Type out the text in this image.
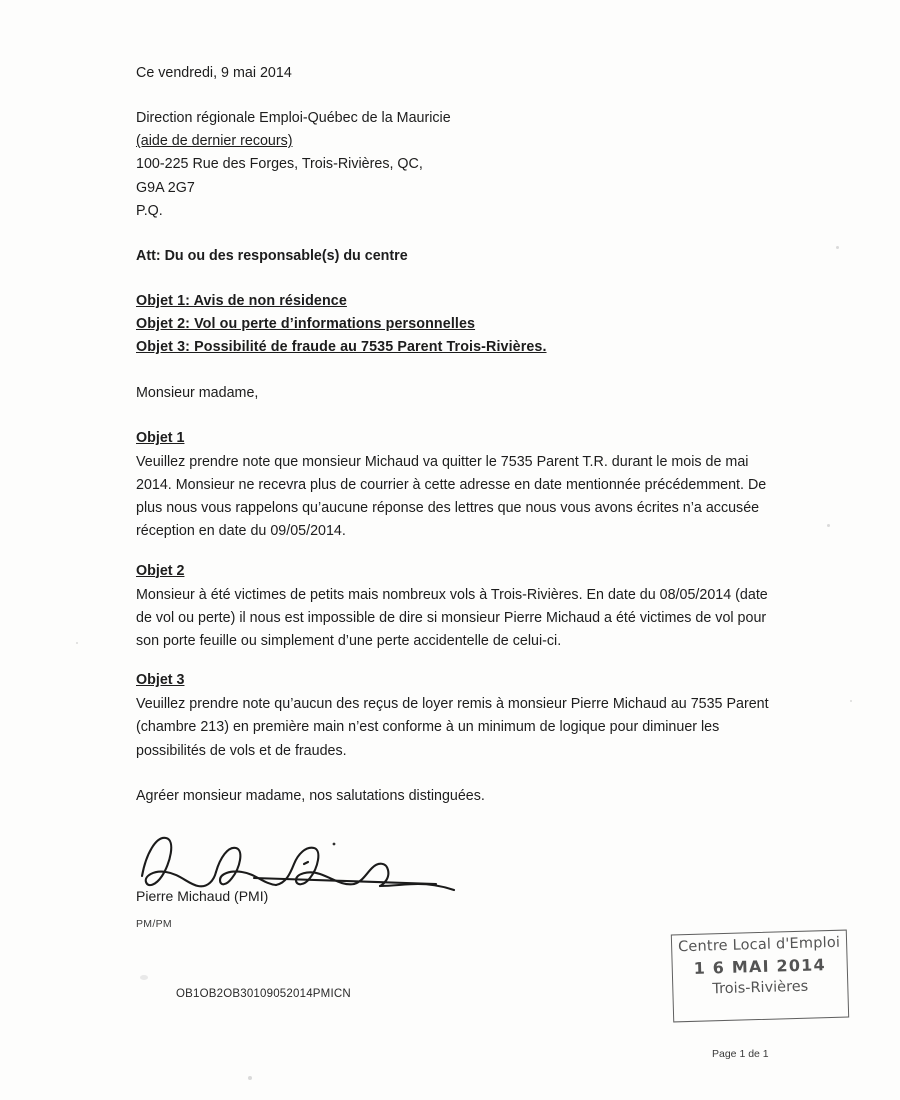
Ce vendredi, 9 mai 2014
Direction régionale Emploi-Québec de la Mauricie
(aide de dernier recours)
100-225 Rue des Forges, Trois-Rivières, QC,
G9A 2G7
P.Q.
Att: Du ou des responsable(s) du centre
Objet 1: Avis de non résidence
Objet 2: Vol ou perte d’informations personnelles
Objet 3: Possibilité de fraude au 7535 Parent Trois-Rivières.
Monsieur madame,
Objet 1
Veuillez prendre note que monsieur Michaud va quitter le 7535 Parent T.R. durant le mois de mai 2014. Monsieur ne recevra plus de courrier à cette adresse en date mentionnée précédemment. De plus nous vous rappelons qu’aucune réponse des lettres que nous vous avons écrites n’a accusée réception en date du 09/05/2014.
Objet 2
Monsieur à été victimes de petits mais nombreux vols à Trois-Rivières. En date du 08/05/2014 (date de vol ou perte) il nous est impossible de dire si monsieur Pierre Michaud a été victimes de vol pour son porte feuille ou simplement d’une perte accidentelle de celui-ci.
Objet 3
Veuillez prendre note qu’aucun des reçus de loyer remis à monsieur Pierre Michaud au 7535 Parent (chambre 213) en première main n’est conforme à un minimum de logique pour diminuer les possibilités de vols et de fraudes.
Agréer monsieur madame, nos salutations distinguées.
Pierre Michaud (PMI)
PM/PM
OB1OB2OB30109052014PMICN
Centre Local d'Emploi
1 6 MAI 2014
Trois-Rivières
Page 1 de 1
